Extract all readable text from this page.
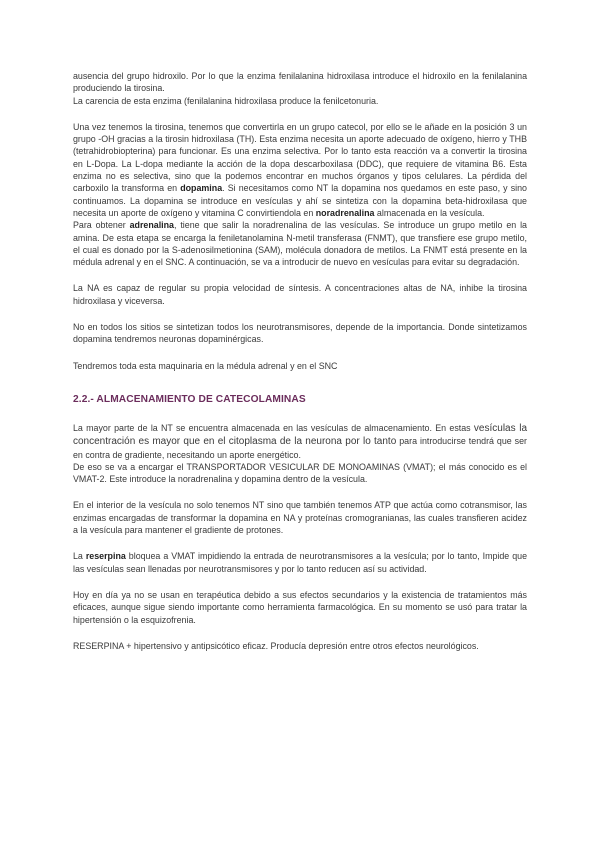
ausencia del grupo hidroxilo. Por lo que la enzima fenilalanina hidroxilasa introduce el hidroxilo en la fenilalanina produciendo la tirosina.

La carencia de esta enzima (fenilalanina hidroxilasa produce la fenilcetonuria.

Una vez tenemos la tirosina, tenemos que convertirla en un grupo catecol, por ello se le añade en la posición 3 un grupo -OH gracias a la tirosin hidroxilasa (TH). Esta enzima necesita un aporte adecuado de oxígeno, hierro y THB (tetrahidrobiopterina) para funcionar. Es una enzima selectiva. Por lo tanto esta reacción va a convertir la tirosina en L-Dopa. La L-dopa mediante la acción de la dopa descarboxilasa (DDC), que requiere de vitamina B6. Esta enzima no es selectiva, sino que la podemos encontrar en muchos órganos y tipos celulares. La pérdida del carboxilo la transforma en dopamina. Si necesitamos como NT la dopamina nos quedamos en este paso, y sino continuamos. La dopamina se introduce en vesículas y ahí se sintetiza con la dopamina beta-hidroxilasa que necesita un aporte de oxígeno y vitamina C convirtiendola en noradrenalina almacenada en la vesícula.

Para obtener adrenalina, tiene que salir la noradrenalina de las vesículas. Se introduce un grupo metilo en la amina. De esta etapa se encarga la feniletanolamina N-metil transferasa (FNMT), que transfiere ese grupo metilo, el cual es donado por la S-adenosilmetionina (SAM), molécula donadora de metilos. La FNMT está presente en la médula adrenal y en el SNC. A continuación, se va a introducir de nuevo en vesículas para evitar su degradación.

La NA es capaz de regular su propia velocidad de síntesis. A concentraciones altas de NA, inhibe la tirosina hidroxilasa y viceversa.

No en todos los sitios se sintetizan todos los neurotransmisores, depende de la importancia. Donde sintetizamos dopamina tendremos neuronas dopaminérgicas.

Tendremos toda esta maquinaria en la médula adrenal y en el SNC

2.2.- ALMACENAMIENTO DE CATECOLAMINAS

La mayor parte de la NT se encuentra almacenada en las vesículas de almacenamiento. En estas vesículas la concentración es mayor que en el citoplasma de la neurona por lo tanto para introducirse tendrá que ser en contra de gradiente, necesitando un aporte energético.

De eso se va a encargar el TRANSPORTADOR VESICULAR DE MONOAMINAS (VMAT); el más conocido es el VMAT-2. Este introduce la noradrenalina y dopamina dentro de la vesícula.

En el interior de la vesícula no solo tenemos NT sino que también tenemos ATP que actúa como cotransmisor, las enzimas encargadas de transformar la dopamina en NA y proteínas cromogranianas, las cuales transfieren acidez a la vesícula para mantener el gradiente de protones.

La reserpina bloquea a VMAT impidiendo la entrada de neurotransmisores a la vesícula; por lo tanto, Impide que las vesículas sean llenadas por neurotransmisores y por lo tanto reducen así su actividad.

Hoy en día ya no se usan en terapéutica debido a sus efectos secundarios y la existencia de tratamientos más eficaces, aunque sigue siendo importante como herramienta farmacológica. En su momento se usó para tratar la hipertensión o la esquizofrenia.

RESERPINA + hipertensivo y antipsicótico eficaz. Producía depresión entre otros efectos neurológicos.
